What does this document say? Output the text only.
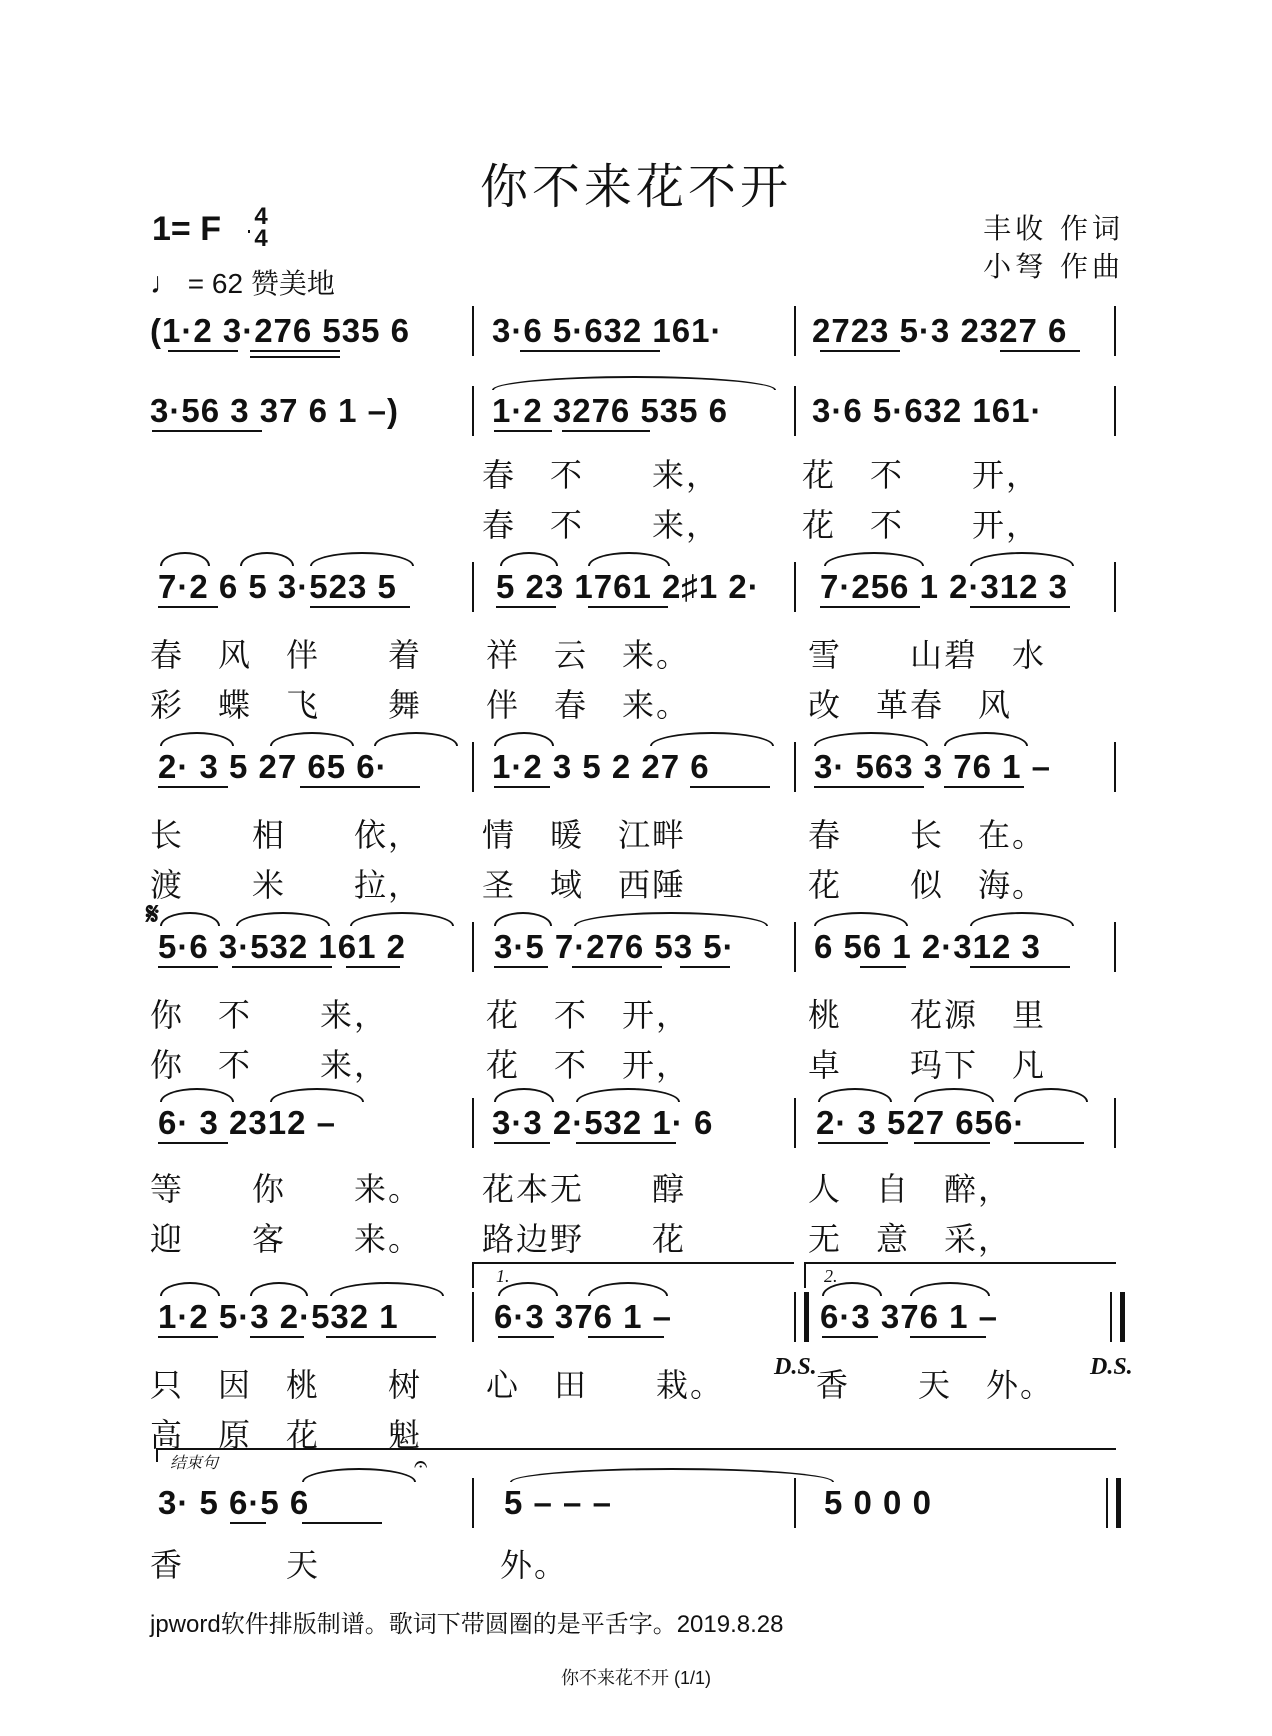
你不来花不开
1= F 4
4
♩ = 62 赞美地
丰收 作词
小弩 作曲
(1·2 3·276 535 6 3·6 5·632 161·	2723 5·3 2327 6
3·56 3 37 6 1 –)	1·2 3276 535 6	3·6 5·632 161·
春　不　　来，	花　不　　开，
春　不　　来，	花　不　　开，
7·2 6 5 3·523 5	5 23 1761 2♯1 2· 7·256 1 2·312 3
春　风　伴　　着 祥　云　来。	雪　　山碧　水
彩　蝶　飞　　舞 伴　春　来。	改　革春　风
2· 3 5 27 65 6·	1·2 3 5 2 27 6	3· 563 3 76 1 –
长　　相　　依， 情　暖　江畔	春　　长　在。
渡　　米　　拉， 圣　域　西陲	花　　似　海。
𝄋
5·6 3·532 161 2	3·5 7·276 53 5· 6 56 1 2·312 3
你　不　　来，	花　不　开，	桃　　花源　里
你　不　　来，	花　不　开，	卓　　玛下　凡
6· 3 2312 –	3·3 2·532 1· 6	2· 3 527 656·
等　　你　　来。 花本无　　醇	人　自　醉，
迎　　客　　来。 路边野　　花	无　意　采，
1.	2.
1·2 5·3 2·532 1	6·3 376 1 –	6·3 376 1 –
D.S.	D.S.
只　因　桃　　树 心　田　　栽。	香　　天　外。
高　原　花　　魁
结束句	𝄐
3· 5 6·5 6	5 – – –	5 0 0 0
香　　　天　　　 外。
jpword软件排版制谱。歌词下带圆圈的是平舌字。2019.8.28
你不来花不开 (1/1)
